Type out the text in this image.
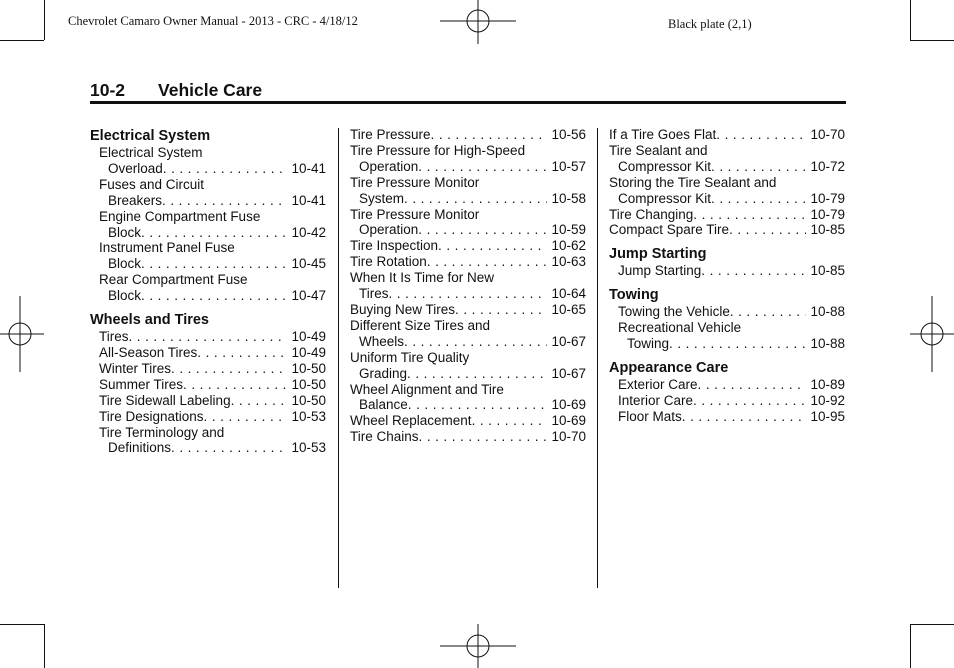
Chevrolet Camaro Owner Manual - 2013 - CRC - 4/18/12	Black plate (2,1)
10-2 Vehicle Care
Electrical System
Electrical System
Overload . . .	10-41
Fuses and Circuit
Breakers . . .	10-41
Engine Compartment Fuse
Block . . .	10-42
Instrument Panel Fuse
Block . . .	10-45
Rear Compartment Fuse
Block . . .	10-47
Wheels and Tires
Tires . . .	10-49
All-Season Tires . . .	10-49
Winter Tires . . .	10-50
Summer Tires . . .	10-50
Tire Sidewall Labeling . . .	10-50
Tire Designations . . .	10-53
Tire Terminology and
Definitions . . .	10-53
Tire Pressure . . .	10-56
Tire Pressure for High-Speed
Operation . . .	10-57
Tire Pressure Monitor
System . . .	10-58
Tire Pressure Monitor
Operation . . .	10-59
Tire Inspection . . .	10-62
Tire Rotation . . .	10-63
When It Is Time for New
Tires . . .	10-64
Buying New Tires . . .	10-65
Different Size Tires and
Wheels . . .	10-67
Uniform Tire Quality
Grading . . .	10-67
Wheel Alignment and Tire
Balance . . .	10-69
Wheel Replacement . . .	10-69
Tire Chains . . .	10-70
If a Tire Goes Flat . . .	10-70
Tire Sealant and
Compressor Kit . . .	10-72
Storing the Tire Sealant and
Compressor Kit . . .	10-79
Tire Changing . . .	10-79
Compact Spare Tire . . .	10-85
Jump Starting
Jump Starting . . .	10-85
Towing
Towing the Vehicle . . .	10-88
Recreational Vehicle
Towing . . .	10-88
Appearance Care
Exterior Care . . .	10-89
Interior Care . . .	10-92
Floor Mats . . .	10-95
